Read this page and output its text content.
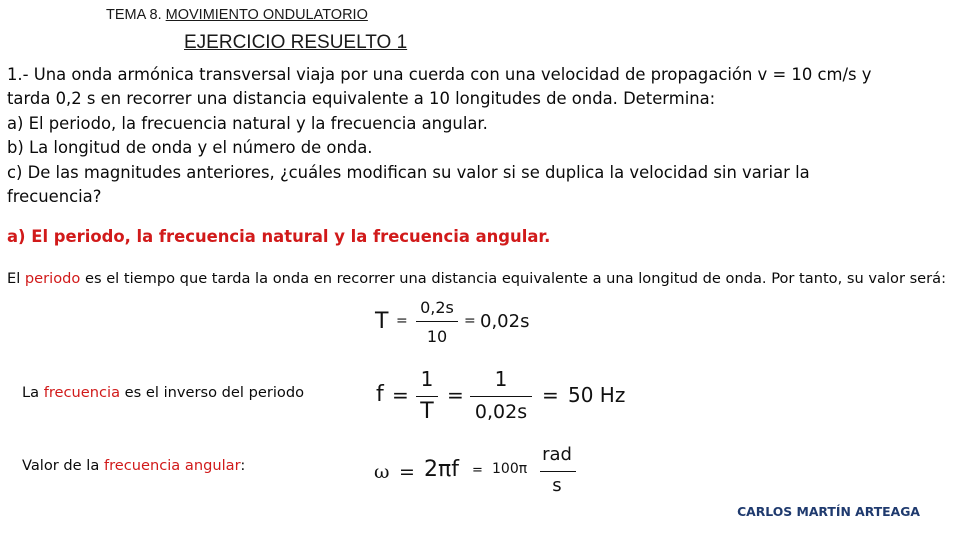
TEMA 8. MOVIMIENTO ONDULATORIO
EJERCICIO RESUELTO 1
1.- Una onda armónica transversal viaja por una cuerda con una velocidad de propagación v = 10 cm/s y
tarda 0,2 s en recorrer una distancia equivalente a 10 longitudes de onda. Determina:
a) El periodo, la frecuencia natural y la frecuencia angular.
b) La longitud de onda y el número de onda.
c) De las magnitudes anteriores, ¿cuáles modifican su valor si se duplica la velocidad sin variar la
frecuencia?
a) El periodo, la frecuencia natural y la frecuencia angular.
El periodo es el tiempo que tarda la onda en recorrer una distancia equivalente a una longitud de onda. Por tanto, su valor será:
T =
0,2s
10
= 0,02s
La frecuencia es el inverso del periodo	f =
1
T
=
1
0,02s
= 50 Hz
Valor de la frecuencia angular:	ω = 2πf = 100π
rad
s
CARLOS MARTÍN ARTEAGA
